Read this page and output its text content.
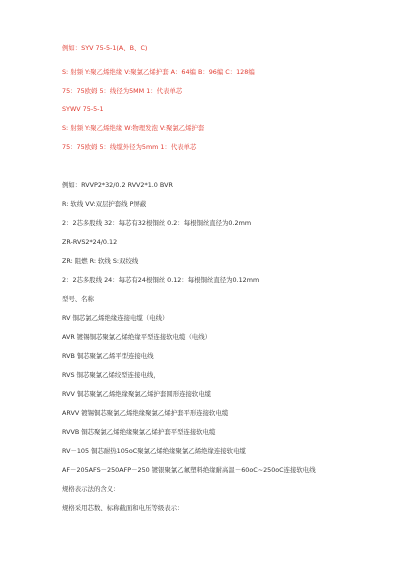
例如：SYV 75-5-1(A、B、C)
S: 射频 Y:聚乙烯绝缘 V:聚氯乙烯护套 A：64编 B：96编 C：128编
75：75欧姆 5：线径为5MM 1：代表单芯
SYWV 75-5-1
S: 射频 Y:聚乙烯绝缘 W:物理发泡 V:聚氯乙烯护套
75：75欧姆 5：线缆外径为5mm 1：代表单芯
例如：RVVP2*32/0.2 RVV2*1.0 BVR
R: 软线 VV:双层护套线 P屏蔽
2：2芯多股线 32：每芯有32根铜丝 0.2：每根铜丝直径为0.2mm
ZR-RVS2*24/0.12
ZR: 阻燃 R: 软线 S:双绞线
2：2芯多股线 24：每芯有24根铜丝 0.12：每根铜丝直径为0.12mm
型号、名称
RV 铜芯氯乙烯绝缘连接电缆（电线）
AVR 镀锡铜芯聚氯乙烯绝缘平型连接软电缆（电线）
RVB 铜芯聚氯乙烯平型连接电线
RVS 铜芯聚氯乙烯绞型连接电线，
RVV 铜芯聚氯乙烯绝缘聚氯乙烯护套圆形连接软电缆
ARVV 镀锡铜芯聚氯乙烯绝缘聚氯乙烯护套平形连接软电缆
RVVB 铜芯聚氯乙烯绝缘聚氯乙烯护套平型连接软电缆
RV－105 铜芯耐热105oC聚氯乙烯绝缘聚氯乙烯绝缘连接软电缆
AF－205AFS－250AFP－250 镀银聚氯乙氟塑料绝缘耐高温－60oC~250oC连接软电线
规格表示法的含义：
规格采用芯数、标称截面和电压等级表示：
